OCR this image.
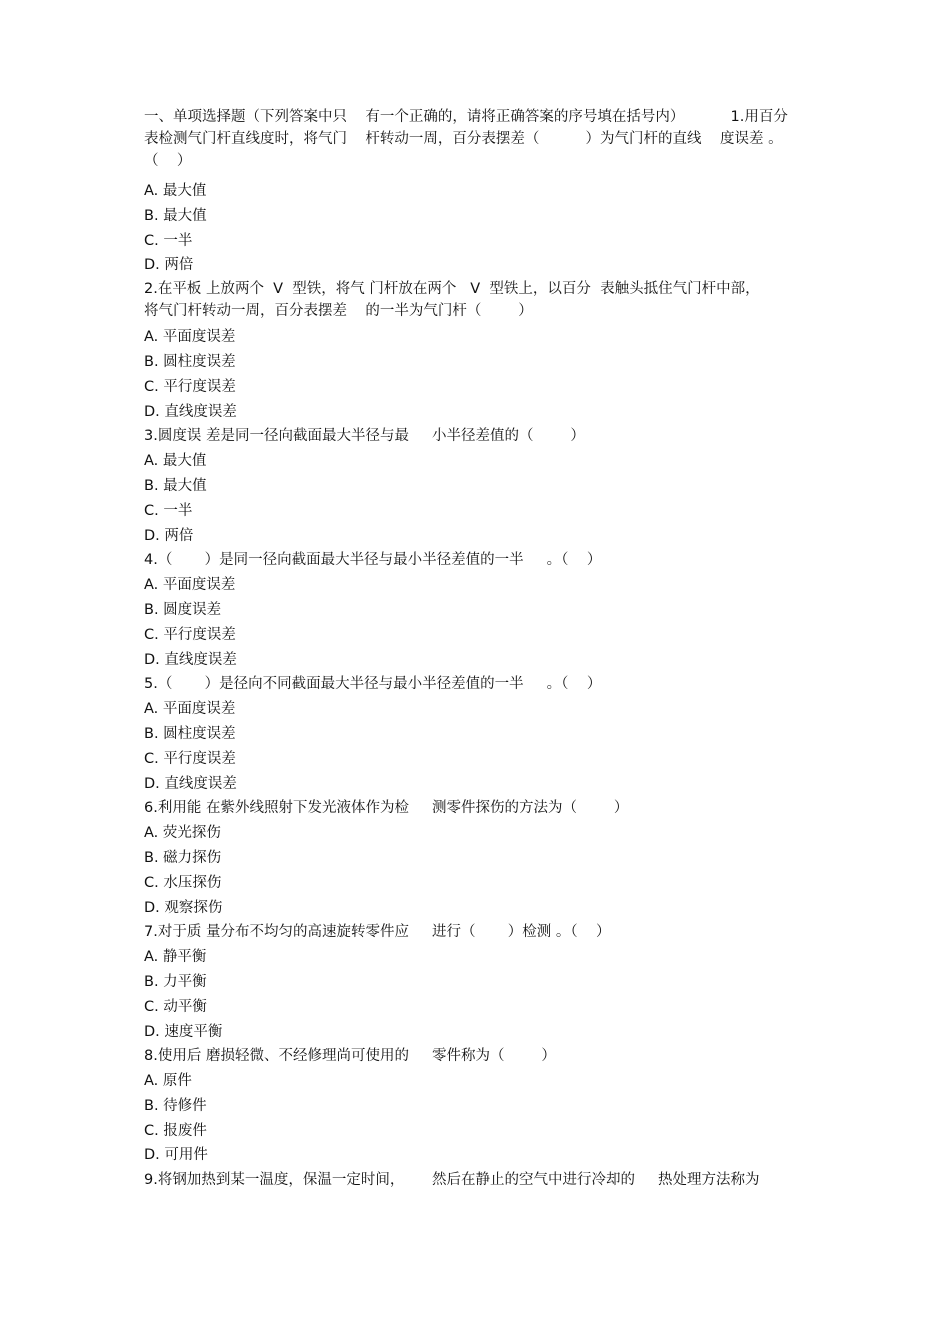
一、单项选择题（下列答案中只    有一个正确的，请将正确答案的序号填在括号内）          1.用百分
表检测气门杆直线度时，将气门    杆转动一周，百分表摆差（          ）为气门杆的直线    度误差 。
（    ）
A. 最大值
B. 最大值
C. 一半
D. 两倍
2.在平板 上放两个  V  型铁，将气 门杆放在两个   V  型铁上，以百分  表触头抵住气门杆中部，
将气门杆转动一周，百分表摆差    的一半为气门杆（        ）
A. 平面度误差
B. 圆柱度误差
C. 平行度误差
D. 直线度误差
3.圆度误 差是同一径向截面最大半径与最     小半径差值的（        ）
A. 最大值
B. 最大值
C. 一半
D. 两倍
4.（       ）是同一径向截面最大半径与最小半径差值的一半     。（    ）
A. 平面度误差
B. 圆度误差
C. 平行度误差
D. 直线度误差
5.（       ）是径向不同截面最大半径与最小半径差值的一半     。（    ）
A. 平面度误差
B. 圆柱度误差
C. 平行度误差
D. 直线度误差
6.利用能 在紫外线照射下发光液体作为检     测零件探伤的方法为（        ）
A. 荧光探伤
B. 磁力探伤
C. 水压探伤
D. 观察探伤
7.对于质 量分布不均匀的高速旋转零件应     进行（       ）检测 。（    ）
A. 静平衡
B. 力平衡
C. 动平衡
D. 速度平衡
8.使用后 磨损轻微、不经修理尚可使用的     零件称为（        ）
A. 原件
B. 待修件
C. 报废件
D. 可用件
9.将钢加热到某一温度，保温一定时间，      然后在静止的空气中进行冷却的     热处理方法称为
